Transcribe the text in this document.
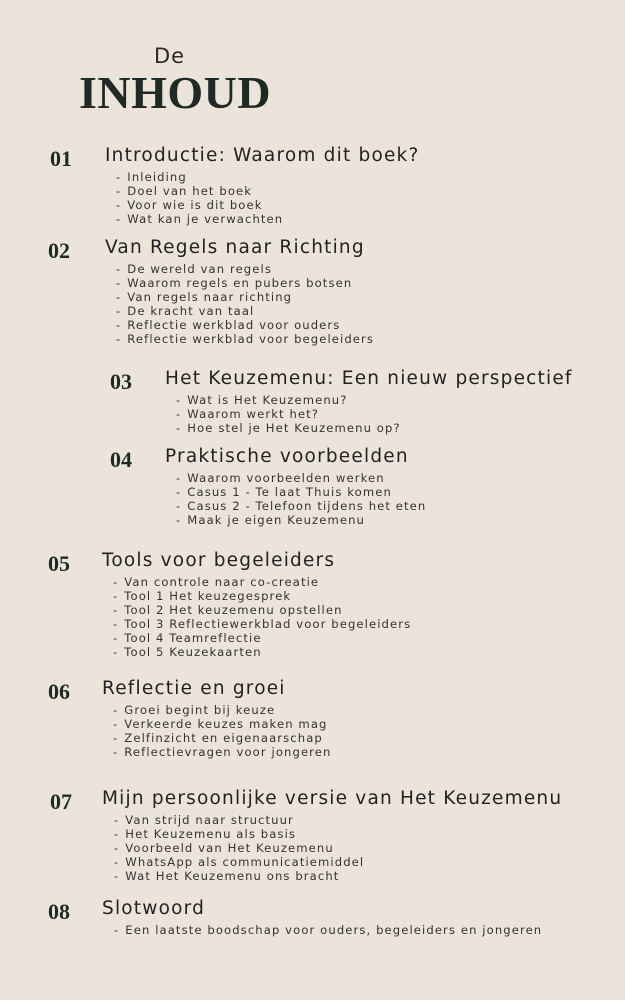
De
INHOUD
01 Introductie: Waarom dit boek?
- Inleiding
- Doel van het boek
- Voor wie is dit boek
- Wat kan je verwachten
02 Van Regels naar Richting
- De wereld van regels
- Waarom regels en pubers botsen
- Van regels naar richting
- De kracht van taal
- Reflectie werkblad voor ouders
- Reflectie werkblad voor begeleiders
03 Het Keuzemenu: Een nieuw perspectief
- Wat is Het Keuzemenu?
- Waarom werkt het?
- Hoe stel je Het Keuzemenu op?
04 Praktische voorbeelden
- Waarom voorbeelden werken
- Casus 1 - Te laat Thuis komen
- Casus 2 - Telefoon tijdens het eten
- Maak je eigen Keuzemenu
05 Tools voor begeleiders
- Van controle naar co-creatie
- Tool 1 Het keuzegesprek
- Tool 2 Het keuzemenu opstellen
- Tool 3 Reflectiewerkblad voor begeleiders
- Tool 4 Teamreflectie
- Tool 5 Keuzekaarten
06 Reflectie en groei
- Groei begint bij keuze
- Verkeerde keuzes maken mag
- Zelfinzicht en eigenaarschap
- Reflectievragen voor jongeren
07 Mijn persoonlijke versie van Het Keuzemenu
- Van strijd naar structuur
- Het Keuzemenu als basis
- Voorbeeld van Het Keuzemenu
- WhatsApp als communicatiemiddel
- Wat Het Keuzemenu ons bracht
08 Slotwoord
- Een laatste boodschap voor ouders, begeleiders en jongeren
